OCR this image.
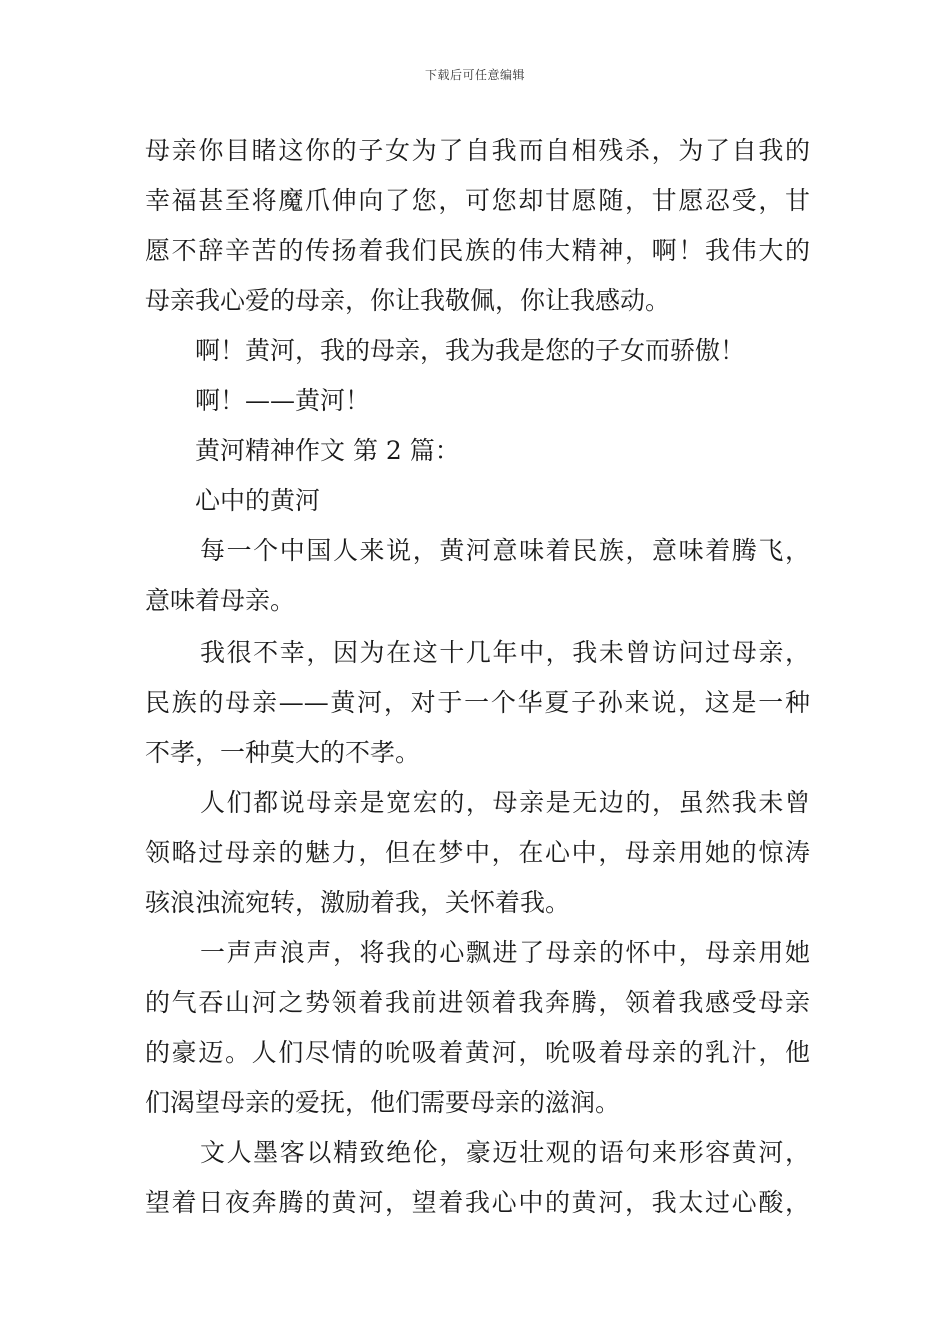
下载后可任意编辑
母亲你目睹这你的子女为了自我而自相残杀，为了自我的
幸福甚至将魔爪伸向了您，可您却甘愿随，甘愿忍受，甘
愿不辞辛苦的传扬着我们民族的伟大精神，啊！我伟大的
母亲我心爱的母亲，你让我敬佩，你让我感动。
啊！黄河，我的母亲，我为我是您的子女而骄傲！
啊！——黄河！
黄河精神作文 第 2 篇：
心中的黄河
每一个中国人来说，黄河意味着民族，意味着腾飞，
意味着母亲。
我很不幸，因为在这十几年中，我未曾访问过母亲，
民族的母亲——黄河，对于一个华夏子孙来说，这是一种
不孝，一种莫大的不孝。
人们都说母亲是宽宏的，母亲是无边的，虽然我未曾
领略过母亲的魅力，但在梦中，在心中，母亲用她的惊涛
骇浪浊流宛转，激励着我，关怀着我。
一声声浪声，将我的心飘进了母亲的怀中，母亲用她
的气吞山河之势领着我前进领着我奔腾，领着我感受母亲
的豪迈。人们尽情的吮吸着黄河，吮吸着母亲的乳汁，他
们渴望母亲的爱抚，他们需要母亲的滋润。
文人墨客以精致绝伦，豪迈壮观的语句来形容黄河，
望着日夜奔腾的黄河，望着我心中的黄河，我太过心酸，
